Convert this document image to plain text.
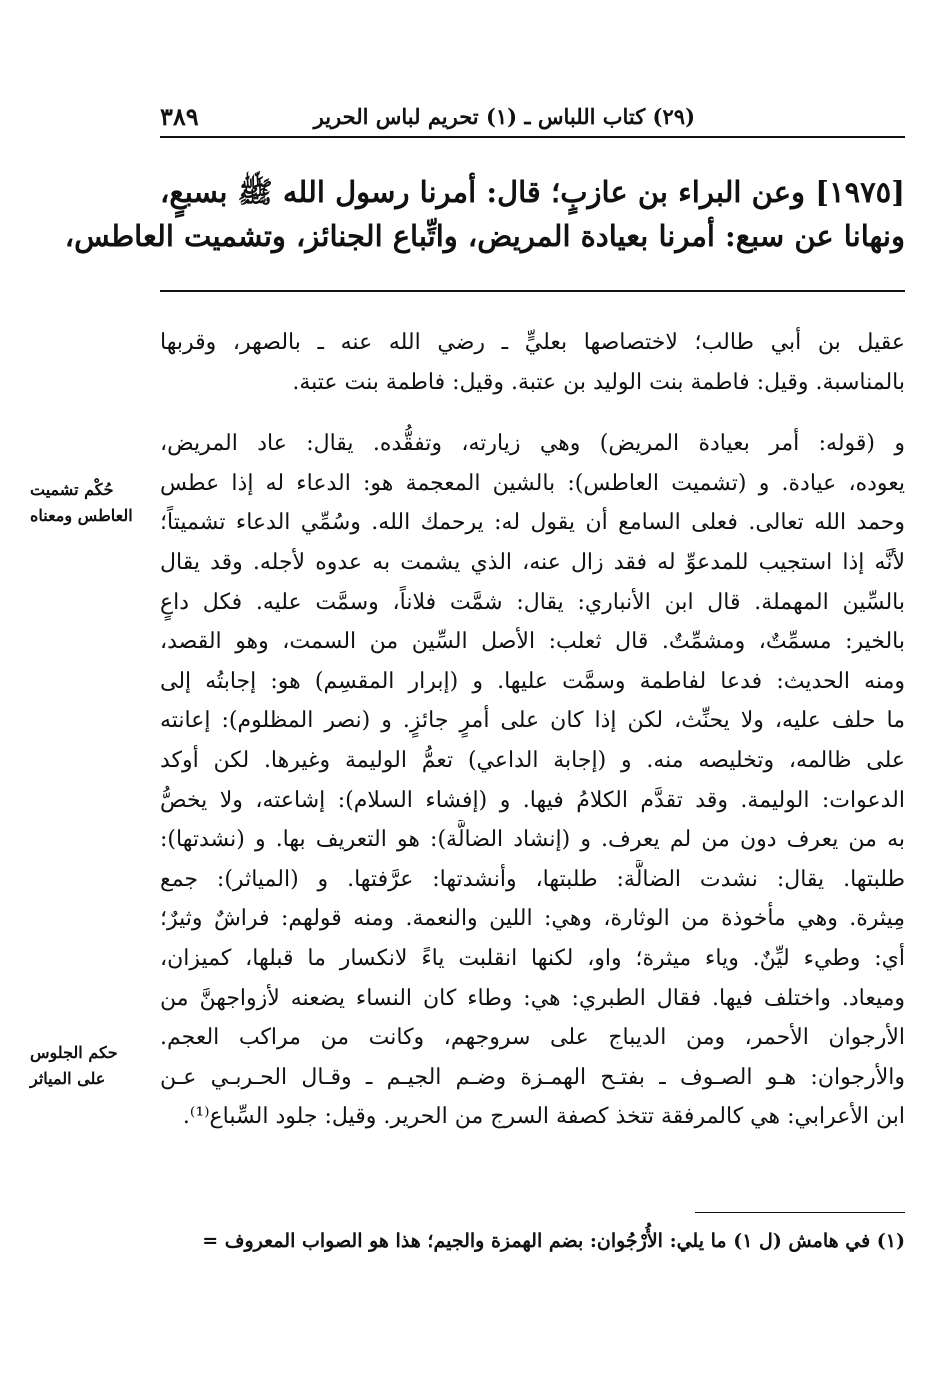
(٢٩) كتاب اللباس ـ (١) تحريم لباس الحرير
٣٨٩
[١٩٧٥] وعن البراء بن عازبٍ؛ قال: أمرنا رسول الله ﷺ بسبعٍ،
ونهانا عن سبع: أمرنا بعيادة المريض، واتِّباع الجنائز، وتشميت العاطس،
عقيل بن أبي طالب؛ لاختصاصها بعليٍّ ـ رضي الله عنه ـ بالصهر، وقربها
بالمناسبة. وقيل: فاطمة بنت الوليد بن عتبة. وقيل: فاطمة بنت عتبة.
و (قوله: أمر بعيادة المريض) وهي زيارته، وتفقُّده. يقال: عاد المريض،
يعوده، عيادة. و (تشميت العاطس): بالشين المعجمة هو: الدعاء له إذا عطس
وحمد الله تعالى. فعلى السامع أن يقول له: يرحمك الله. وسُمِّي الدعاء تشميتاً؛
لأنَّه إذا استجيب للمدعوِّ له فقد زال عنه، الذي يشمت به عدوه لأجله. وقد يقال
بالسِّين المهملة. قال ابن الأنباري: يقال: شمَّت فلاناً، وسمَّت عليه. فكل داعٍ
بالخير: مسمِّتٌ، ومشمِّتٌ. قال ثعلب: الأصل السِّين من السمت، وهو القصد،
ومنه الحديث: فدعا لفاطمة وسمَّت عليها. و (إبرار المقسِم) هو: إجابتُه إلى
ما حلف عليه، ولا يحنِّث، لكن إذا كان على أمرٍ جائزٍ. و (نصر المظلوم): إعانته
على ظالمه، وتخليصه منه. و (إجابة الداعي) تعمُّ الوليمة وغيرها. لكن أوكد
الدعوات: الوليمة. وقد تقدَّم الكلامُ فيها. و (إفشاء السلام): إشاعته، ولا يخصُّ
به من يعرف دون من لم يعرف. و (إنشاد الضالَّة): هو التعريف بها. و (نشدتها):
طلبتها. يقال: نشدت الضالَّة: طلبتها، وأنشدتها: عرَّفتها. و (المياثر): جمع
مِيثرة. وهي مأخوذة من الوثارة، وهي: اللين والنعمة. ومنه قولهم: فراشٌ وثيرٌ؛
أي: وطيء ليِّنٌ. وياء ميثرة؛ واو، لكنها انقلبت ياءً لانكسار ما قبلها، كميزان،
وميعاد. واختلف فيها. فقال الطبري: هي: وطاء كان النساء يضعنه لأزواجهنَّ من
الأرجوان الأحمر، ومن الديباج على سروجهم، وكانت من مراكب العجم.
والأرجوان: هـو الصـوف ـ بفتـح الهمـزة وضـم الجيـم ـ وقـال الحـربـي عـن
ابن الأعرابي: هي كالمرفقة تتخذ كصفة السرج من الحرير. وقيل: جلود السِّباع⁽¹⁾.
حُكْم تشميت
العاطس ومعناه
حكم الجلوس
على المياثر
(١) في هامش (ل ١) ما يلي: الأُرْجُوان: بضم الهمزة والجيم؛ هذا هو الصواب المعروف =
